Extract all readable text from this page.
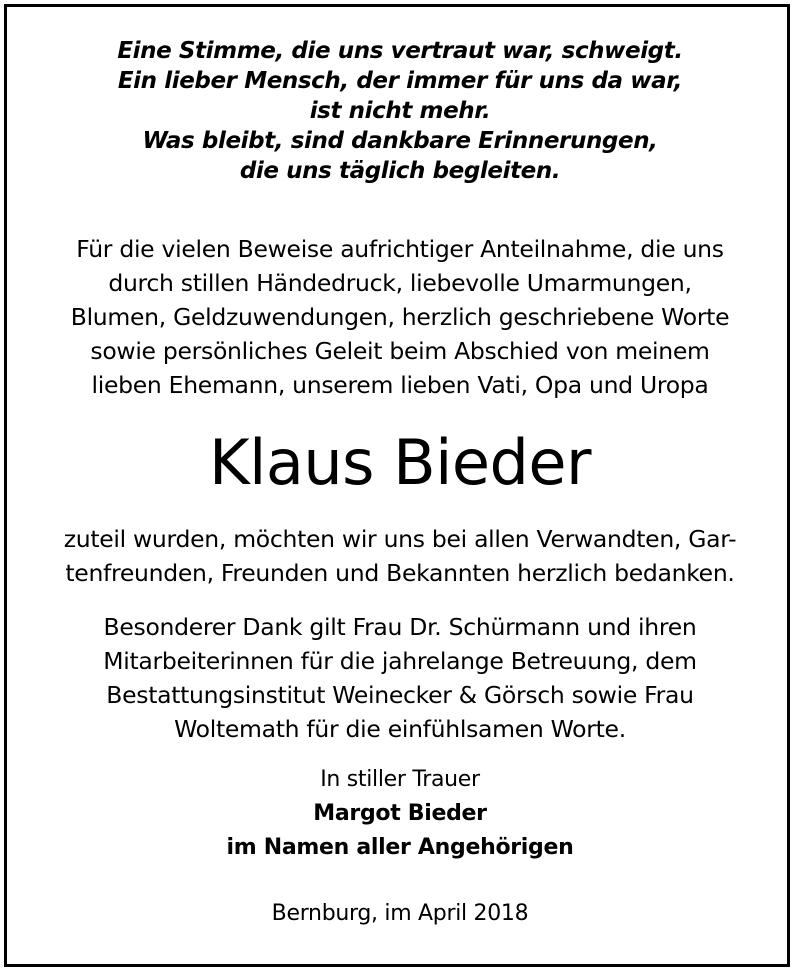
Eine Stimme, die uns vertraut war, schweigt.
Ein lieber Mensch, der immer für uns da war,
ist nicht mehr.
Was bleibt, sind dankbare Erinnerungen,
die uns täglich begleiten.
Für die vielen Beweise aufrichtiger Anteilnahme, die uns
durch stillen Händedruck, liebevolle Umarmungen,
Blumen, Geldzuwendungen, herzlich geschriebene Worte
sowie persönliches Geleit beim Abschied von meinem
lieben Ehemann, unserem lieben Vati, Opa und Uropa
Klaus Bieder
zuteil wurden, möchten wir uns bei allen Verwandten, Gar-
tenfreunden, Freunden und Bekannten herzlich bedanken.
Besonderer Dank gilt Frau Dr. Schürmann und ihren
Mitarbeiterinnen für die jahrelange Betreuung, dem
Bestattungsinstitut Weinecker & Görsch sowie Frau
Woltemath für die einfühlsamen Worte.
In stiller Trauer
Margot Bieder
im Namen aller Angehörigen
Bernburg, im April 2018
